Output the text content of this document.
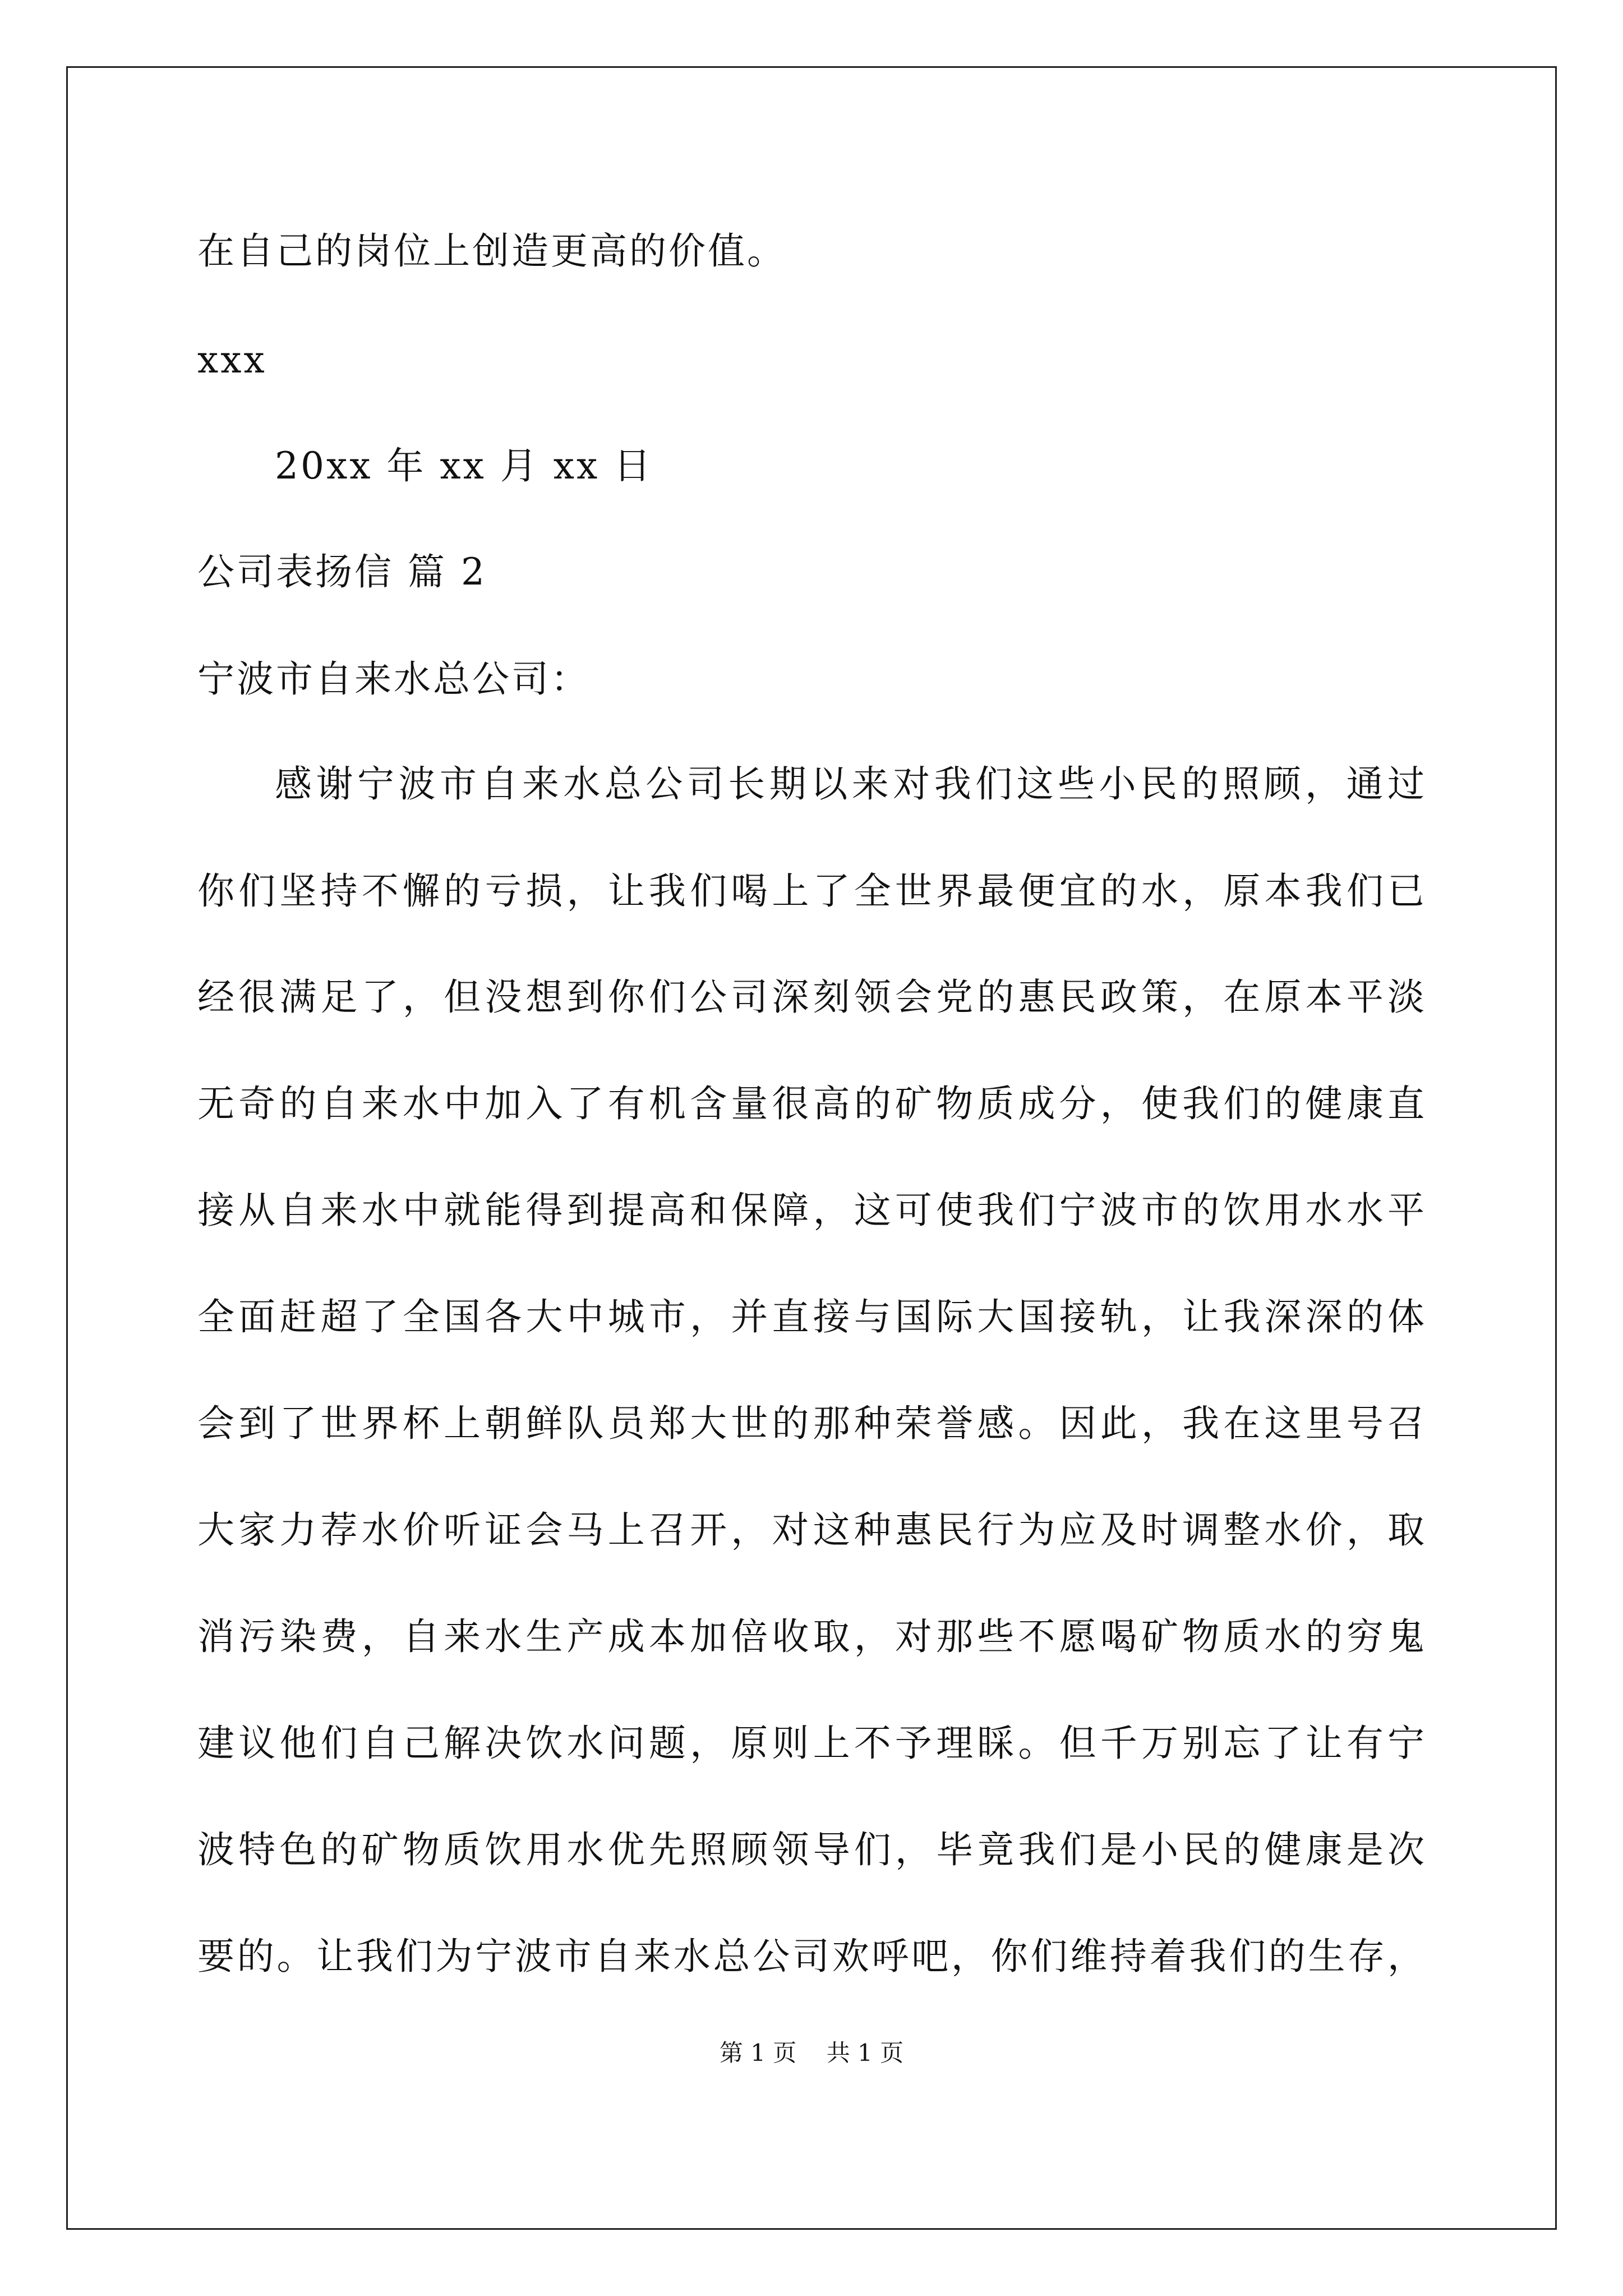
在自己的岗位上创造更高的价值。
xxx
20xx 年 xx 月 xx 日
公司表扬信 篇 2
宁波市自来水总公司：
感谢宁波市自来水总公司长期以来对我们这些小民的照顾，通过
你们坚持不懈的亏损，让我们喝上了全世界最便宜的水，原本我们已
经很满足了，但没想到你们公司深刻领会党的惠民政策，在原本平淡
无奇的自来水中加入了有机含量很高的矿物质成分，使我们的健康直
接从自来水中就能得到提高和保障，这可使我们宁波市的饮用水水平
全面赶超了全国各大中城市，并直接与国际大国接轨，让我深深的体
会到了世界杯上朝鲜队员郑大世的那种荣誉感。因此，我在这里号召
大家力荐水价听证会马上召开，对这种惠民行为应及时调整水价，取
消污染费，自来水生产成本加倍收取，对那些不愿喝矿物质水的穷鬼
建议他们自己解决饮水问题，原则上不予理睬。但千万别忘了让有宁
波特色的矿物质饮用水优先照顾领导们，毕竟我们是小民的健康是次
要的。让我们为宁波市自来水总公司欢呼吧，你们维持着我们的生存，
第 1 页    共 1 页
